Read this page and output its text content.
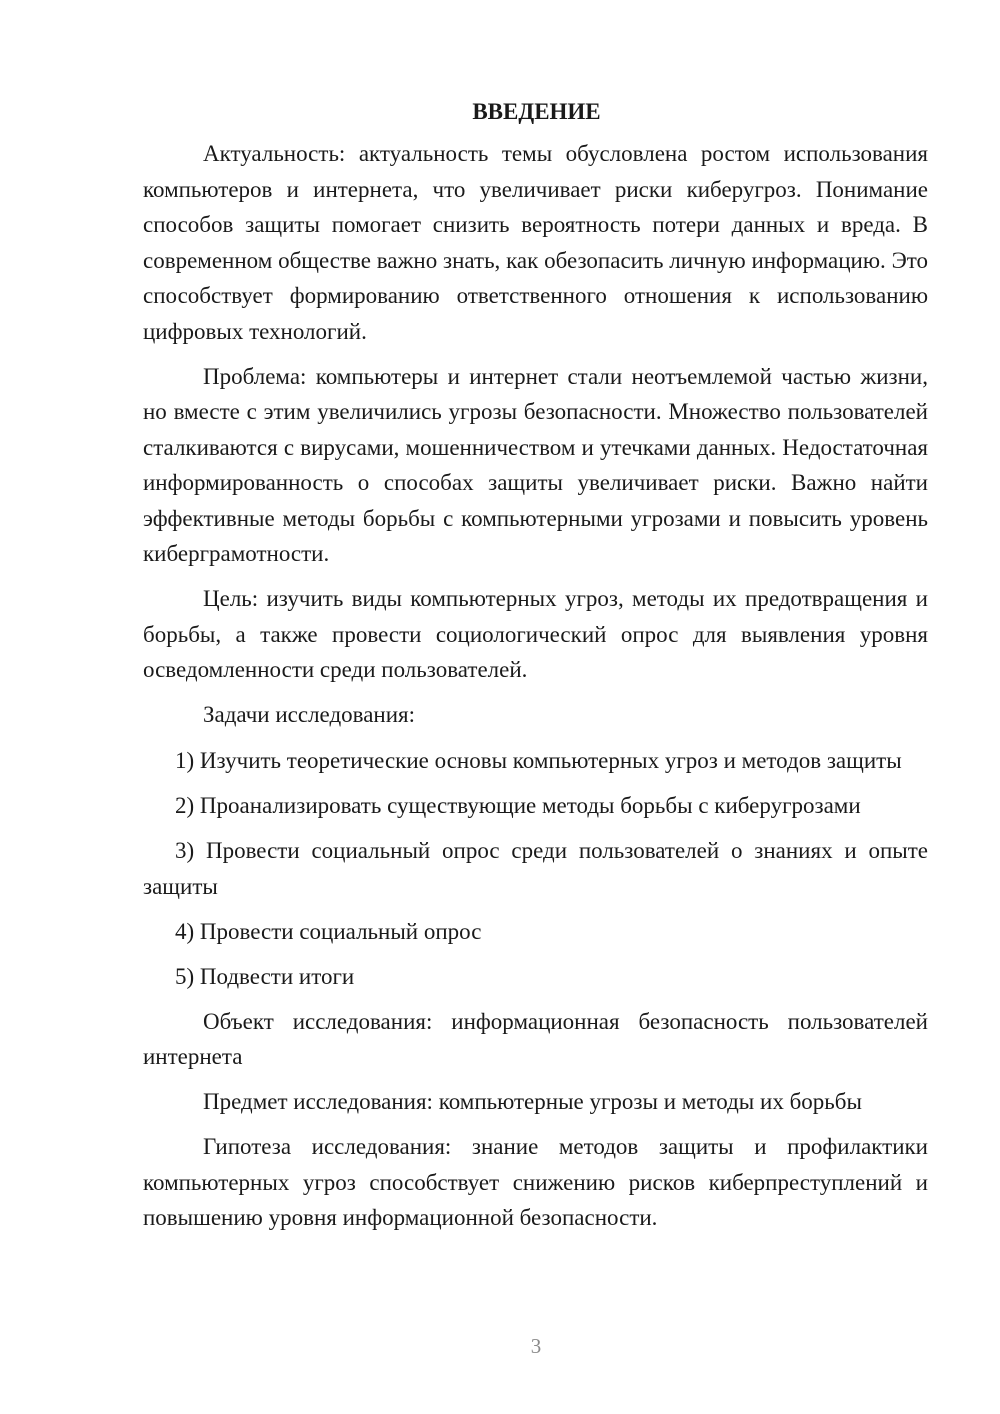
ВВЕДЕНИЕ

Актуальность: актуальность темы обусловлена ростом использования компьютеров и интернета, что увеличивает риски киберугроз. Понимание способов защиты помогает снизить вероятность потери данных и вреда. В современном обществе важно знать, как обезопасить личную информацию. Это способствует формированию ответственного отношения к использованию цифровых технологий.

Проблема: компьютеры и интернет стали неотъемлемой частью жизни, но вместе с этим увеличились угрозы безопасности. Множество пользователей сталкиваются с вирусами, мошенничеством и утечками данных. Недостаточная информированность о способах защиты увеличивает риски. Важно найти эффективные методы борьбы с компьютерными угрозами и повысить уровень киберграмотности.

Цель: изучить виды компьютерных угроз, методы их предотвращения и борьбы, а также провести социологический опрос для выявления уровня осведомленности среди пользователей.

Задачи исследования:

1) Изучить теоретические основы компьютерных угроз и методов защиты
2) Проанализировать существующие методы борьбы с киберугрозами
3) Провести социальный опрос среди пользователей о знаниях и опыте защиты
4) Провести социальный опрос
5) Подвести итоги

Объект исследования: информационная безопасность пользователей интернета

Предмет исследования: компьютерные угрозы и методы их борьбы

Гипотеза исследования: знание методов защиты и профилактики компьютерных угроз способствует снижению рисков киберпреступлений и повышению уровня информационной безопасности.

3
